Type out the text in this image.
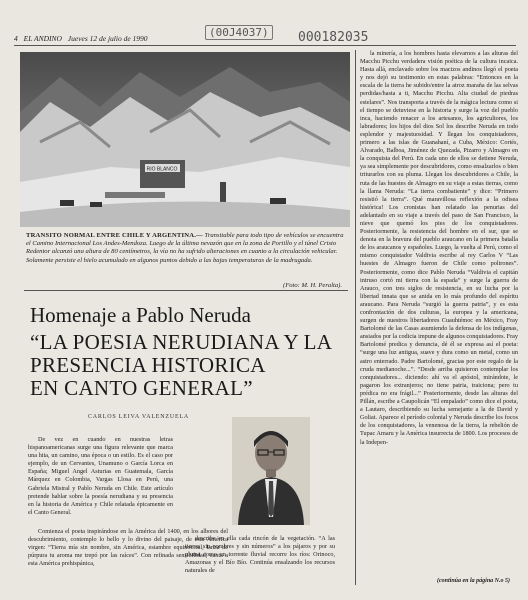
4 EL ANDINO Jueves 12 de julio de 1990	(00J4037)	000182035
RIO BLANCO
TRANSITO NORMAL ENTRE CHILE Y ARGENTINA.— Transitable para todo tipo de vehículos se encuentra el Camino Internacional Los Andes-Mendoza. Luego de la última nevazón que en la zona de Portillo y el túnel Cristo Redentor alcanzó una altura de 80 centímetros, la vía no ha sufrido alteraciones en cuanto a la circulación vehicular. Solamente persiste el hielo acumulado en algunos puntos debido a las bajas temperaturas de la madrugada.
(Foto: M. H. Peralta).
Homenaje a Pablo Neruda
“LA POESIA NERUDIANA Y LA
PRESENCIA HISTORICA
EN CANTO GENERAL”
CARLOS LEIVA VALENZUELA

De vez en cuando en nuestras letras hispanoamericanas surge una figura relevante que marca una hita, un camino, una época o un estilo. Es el caso por ejemplo, de un Cervantes, Unamuno o García Lorca en España; Miguel Angel Asturias en Guatemala, García Márquez en Colombia, Vargas Llosa en Perú, una Gabriela Mistral y Pablo Neruda en Chile. Este artículo pretende hablar sobre la poesía nerudiana y su presencia en la historia de América y Chile relatada épicamente en el Canto General.

Comienza el poeta inspirándose en la América del 1400, en los albores del descubrimiento, contemplo lo bello y lo divino del paisaje, de esta América virgen: “Tierra mía sin nombre, sin América, estambre equinoccial, lanza de púrpura tu aroma me trepó por las raíces”. Con refinada sensibilidad, canta a esta América prehispánica,

describe en ella cada rincón de la vegetación. “A las tierras sin nombres y sin números” a los pájaros y por su pluma como un torrente fluvial recorre los ríos: Orinoco, Amazonas y el Bío Bío. Continúa ensalzando los recursos naturales de

la minería, a los hombres hasta elevarnos a las alturas del Macchu Picchu verdadera visión poética de la cultura incaica. Hasta allá, enclavado sobre los macizos andinos llegó el poeta y nos dejó su testimonio en estas palabras: “Entonces en la escala de la tierra he subido/entre la atroz maraña de las selvas perdidas/hasta a ti, Macchu Picchu. Alta ciudad de piedras estelares”. Nos transporta a través de la mágica lectura como si el tiempo se detuviese en la historia y surge la voz del pueblo inca, haciendo renacer a los artesanos, los agricultores, los labradores; los hijos del dios Sol los describe Neruda en todo esplendor y majestuosidad. Y llegan los conquistadores, primero a las islas de Guanahaní, a Cuba, México: Cortés, Alvarado, Balboa, Jiménez de Quezada, Pizarro y Almagro en la conquista del Perú. En cada uno de ellos se detiene Neruda, ya sea simplemente por descubridores, como ensalzarlos o bien triturarlos con su pluma. Llegan los descubridores a Chile, la ruta de las huestes de Almagro en su viaje a estas tierras, como la llama Neruda: “La tierra combatiente” y dice: “Primero resistió la tierra”. Qué maravillosa reflexión a la odisea histórica! Los cronistas han relatado las penurias del adelantado en su viaje a través del paso de San Francisco, la nieve que quemó los pies de los conquistadores. Posteriormente, la resistencia del hombre en el sur, que se denota en la bravura del pueblo araucano en la primera batalla de los araucanos y españoles. Luego, la vuelta al Perú, como el mismo conquistador Valdivia escribe al rey Carlos V “Las huestes de Almagro fueron de Chile como poltrones”. Posteriormente, como dice Pablo Neruda “Valdivia el capitán intruso cortó mi tierra con la espada” y surge la guerra de Arauco, con tres siglos de resistencia, en su lucha por la libertad innata que se anida en lo más profundo del espíritu araucano. Para Neruda “surgió la guerra patria”, y es esta confrontación de dos culturas, la europea y la americana, surgen de nuestros libertadores Cuauhtémoc en México, Fray Bartolomé de las Casas asumiendo la defensa de los indígenas, ansiados por la codicia impune de algunos conquistadores. Fray Bartolomé predica y denuncia, dé él se expresa así el poeta: “surge una luz antigua, suave y dura como un metal, como un astro enterrado. Padre Bartolomé, gracias por este regalo de la cruda medianoche...”. “Desde arriba quisieron contemplar los conquistadores... diciendo: ahí va el apóstol, mirándote, le pagaron los extranjeros; no tiene patria, traiciona; pero tu prédica no era frágil...” Posteriormente, desde las alturas del Pillán, escribe a Caupolicán “El empalado” como dice el poeta, a Lautaro, describiendo su lucha semejante a la de David y Goliat. Aparece el período colonial y Neruda describe los focos de los conquistadores, la venenosa de la tierra, la rebelión de Tupac Amaru y la América insurrecta de 1800. Los procesos de la Indepen-

(continúa en la página N.o 5)
